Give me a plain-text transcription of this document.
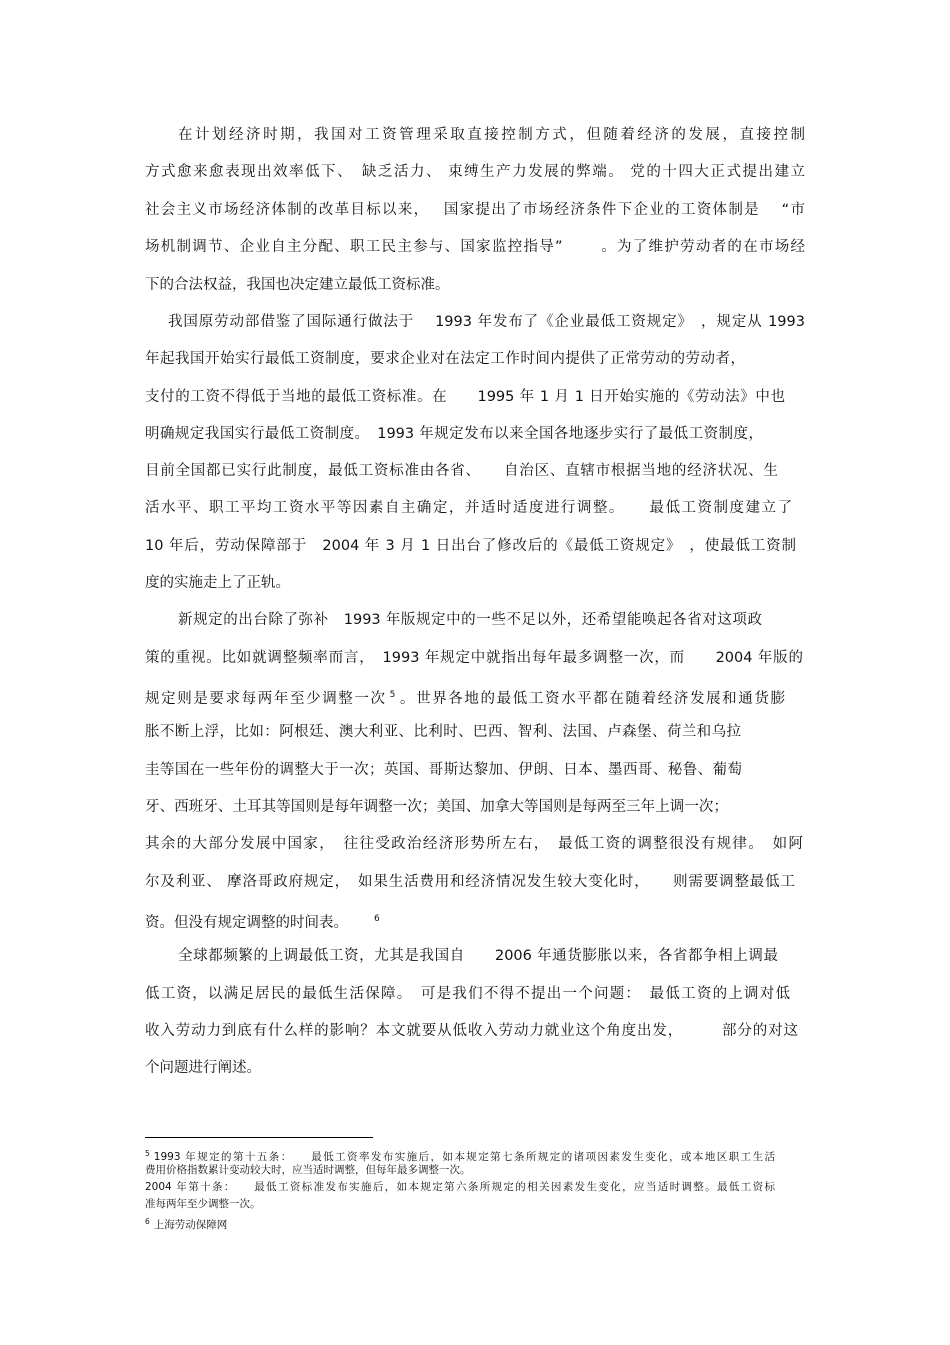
在计划经济时期，我国对工资管理采取直接控制方式，但随着经济的发展，直接控制
方式愈来愈表现出效率低下、　缺乏活力、 束缚生产力发展的弊端。 党的十四大正式提出建立
社会主义市场经济体制的改革目标以来，　 国家提出了市场经济条件下企业的工资体制是　 “市
场机制调节、企业自主分配、职工民主参与、国家监控指导”　　 。为了维护劳动者的在市场经
下的合法权益，我国也决定建立最低工资标准。
我国原劳动部借鉴了国际通行做法于　 1993 年发布了《企业最低工资规定》　，规定从 1993
年起我国开始实行最低工资制度，要求企业对在法定工作时间内提供了正常劳动的劳动者，
支付的工资不得低于当地的最低工资标准。在　　1995 年 1 月 1 日开始实施的《劳动法》中也
明确规定我国实行最低工资制度。　1993 年规定发布以来全国各地逐步实行了最低工资制度，
目前全国都已实行此制度，最低工资标准由各省、　　自治区、直辖市根据当地的经济状况、生
活水平、职工平均工资水平等因素自主确定，并适时适度进行调整。　　最低工资制度建立了
10 年后，劳动保障部于　2004 年 3 月 1 日出台了修改后的《最低工资规定》　，使最低工资制
度的实施走上了正轨。
新规定的出台除了弥补　1993 年版规定中的一些不足以外，还希望能唤起各省对这项政
策的重视。比如就调整频率而言，　1993 年规定中就指出每年最多调整一次，而　　2004 年版的
规定则是要求每两年至少调整一次 $^5$ 。世界各地的最低工资水平都在随着经济发展和通货膨
胀不断上浮，比如：阿根廷、澳大利亚、比利时、巴西、智利、法国、卢森堡、荷兰和乌拉
圭等国在一些年份的调整大于一次；英国、哥斯达黎加、伊朗、日本、墨西哥、秘鲁、葡萄
牙、西班牙、土耳其等国则是每年调整一次；美国、加拿大等国则是每两至三年上调一次；
其余的大部分发展中国家，　往往受政治经济形势所左右，　最低工资的调整很没有规律。　如阿
尔及利亚、 摩洛哥政府规定，　如果生活费用和经济情况发生较大变化时，　　则需要调整最低工
资。但没有规定调整的时间表。	$^6$
全球都频繁的上调最低工资，尤其是我国自　　2006 年通货膨胀以来，各省都争相上调最
低工资，以满足居民的最低生活保障。　可是我们不得不提出一个问题：　最低工资的上调对低
收入劳动力到底有什么样的影响？本文就要从低收入劳动力就业这个角度出发，　　　部分的对这
个问题进行阐述。
$^5$ 1993 年规定的第十五条：　　最低工资率发布实施后，如本规定第七条所规定的诸项因素发生变化，或本地区职工生活
费用价格指数累计变动较大时，应当适时调整，但每年最多调整一次。
2004 年第十条：　　最低工资标准发布实施后，如本规定第六条所规定的相关因素发生变化，应当适时调整。最低工资标
准每两年至少调整一次。
$^6$ 上海劳动保障网
